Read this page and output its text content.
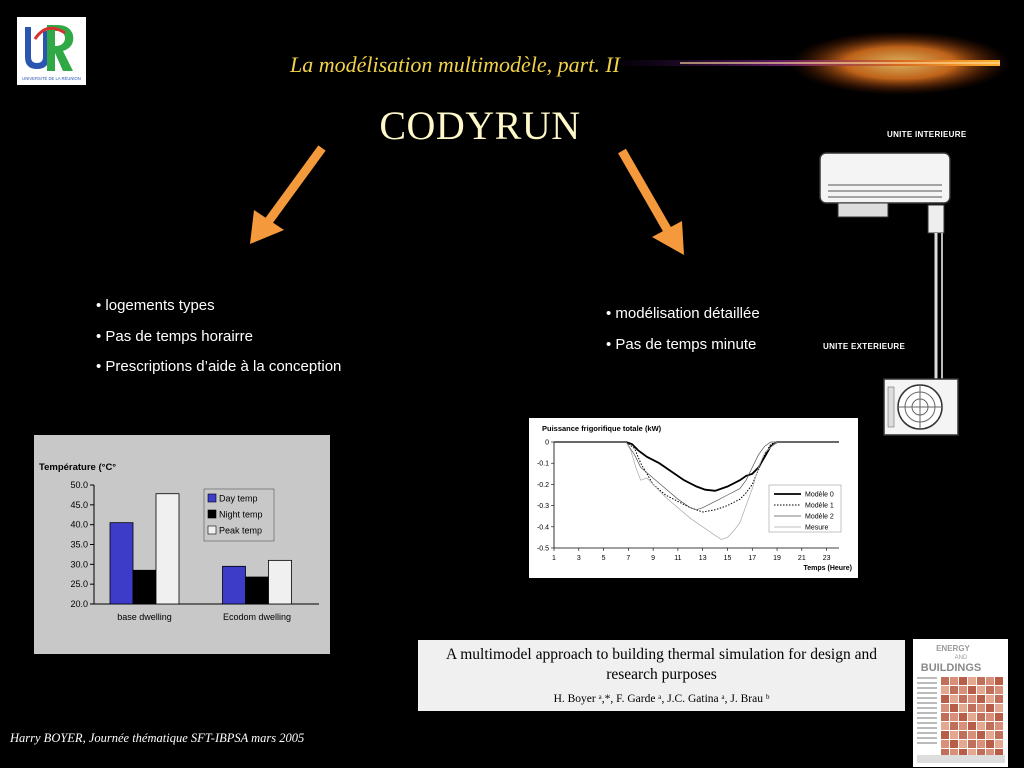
UNIVERSITÉ DE LA RÉUNION
La modélisation multimodèle, part. II
CODYRUN
• logements types
• Pas de temps horairre
• Prescriptions d’aide à la conception
• modélisation détaillée
• Pas de temps minute
UNITE INTERIEURE
UNITE EXTERIEURE
Température (°C°
50.0
45.0
40.0
35.0
30.0
25.0
20.0
base dwelling	Ecodom dwelling
Day temp
Night temp
Peak temp
Puissance frigorifique totale (kW)
0
-0.1
-0.2
-0.3
-0.4
-0.5
1	3	5	7	9	11 13 15 17 19 21 23
Temps (Heure)
Modèle 0
Modèle 1
Modèle 2
Mesure
A multimodel approach to building thermal simulation for design and
research purposes
H. Boyer ᵃ,*, F. Garde ᵃ, J.C. Gatina ᵃ, J. Brau ᵇ
ENERGY
AND
BUILDINGS
Harry BOYER, Journée thématique SFT-IBPSA mars 2005
